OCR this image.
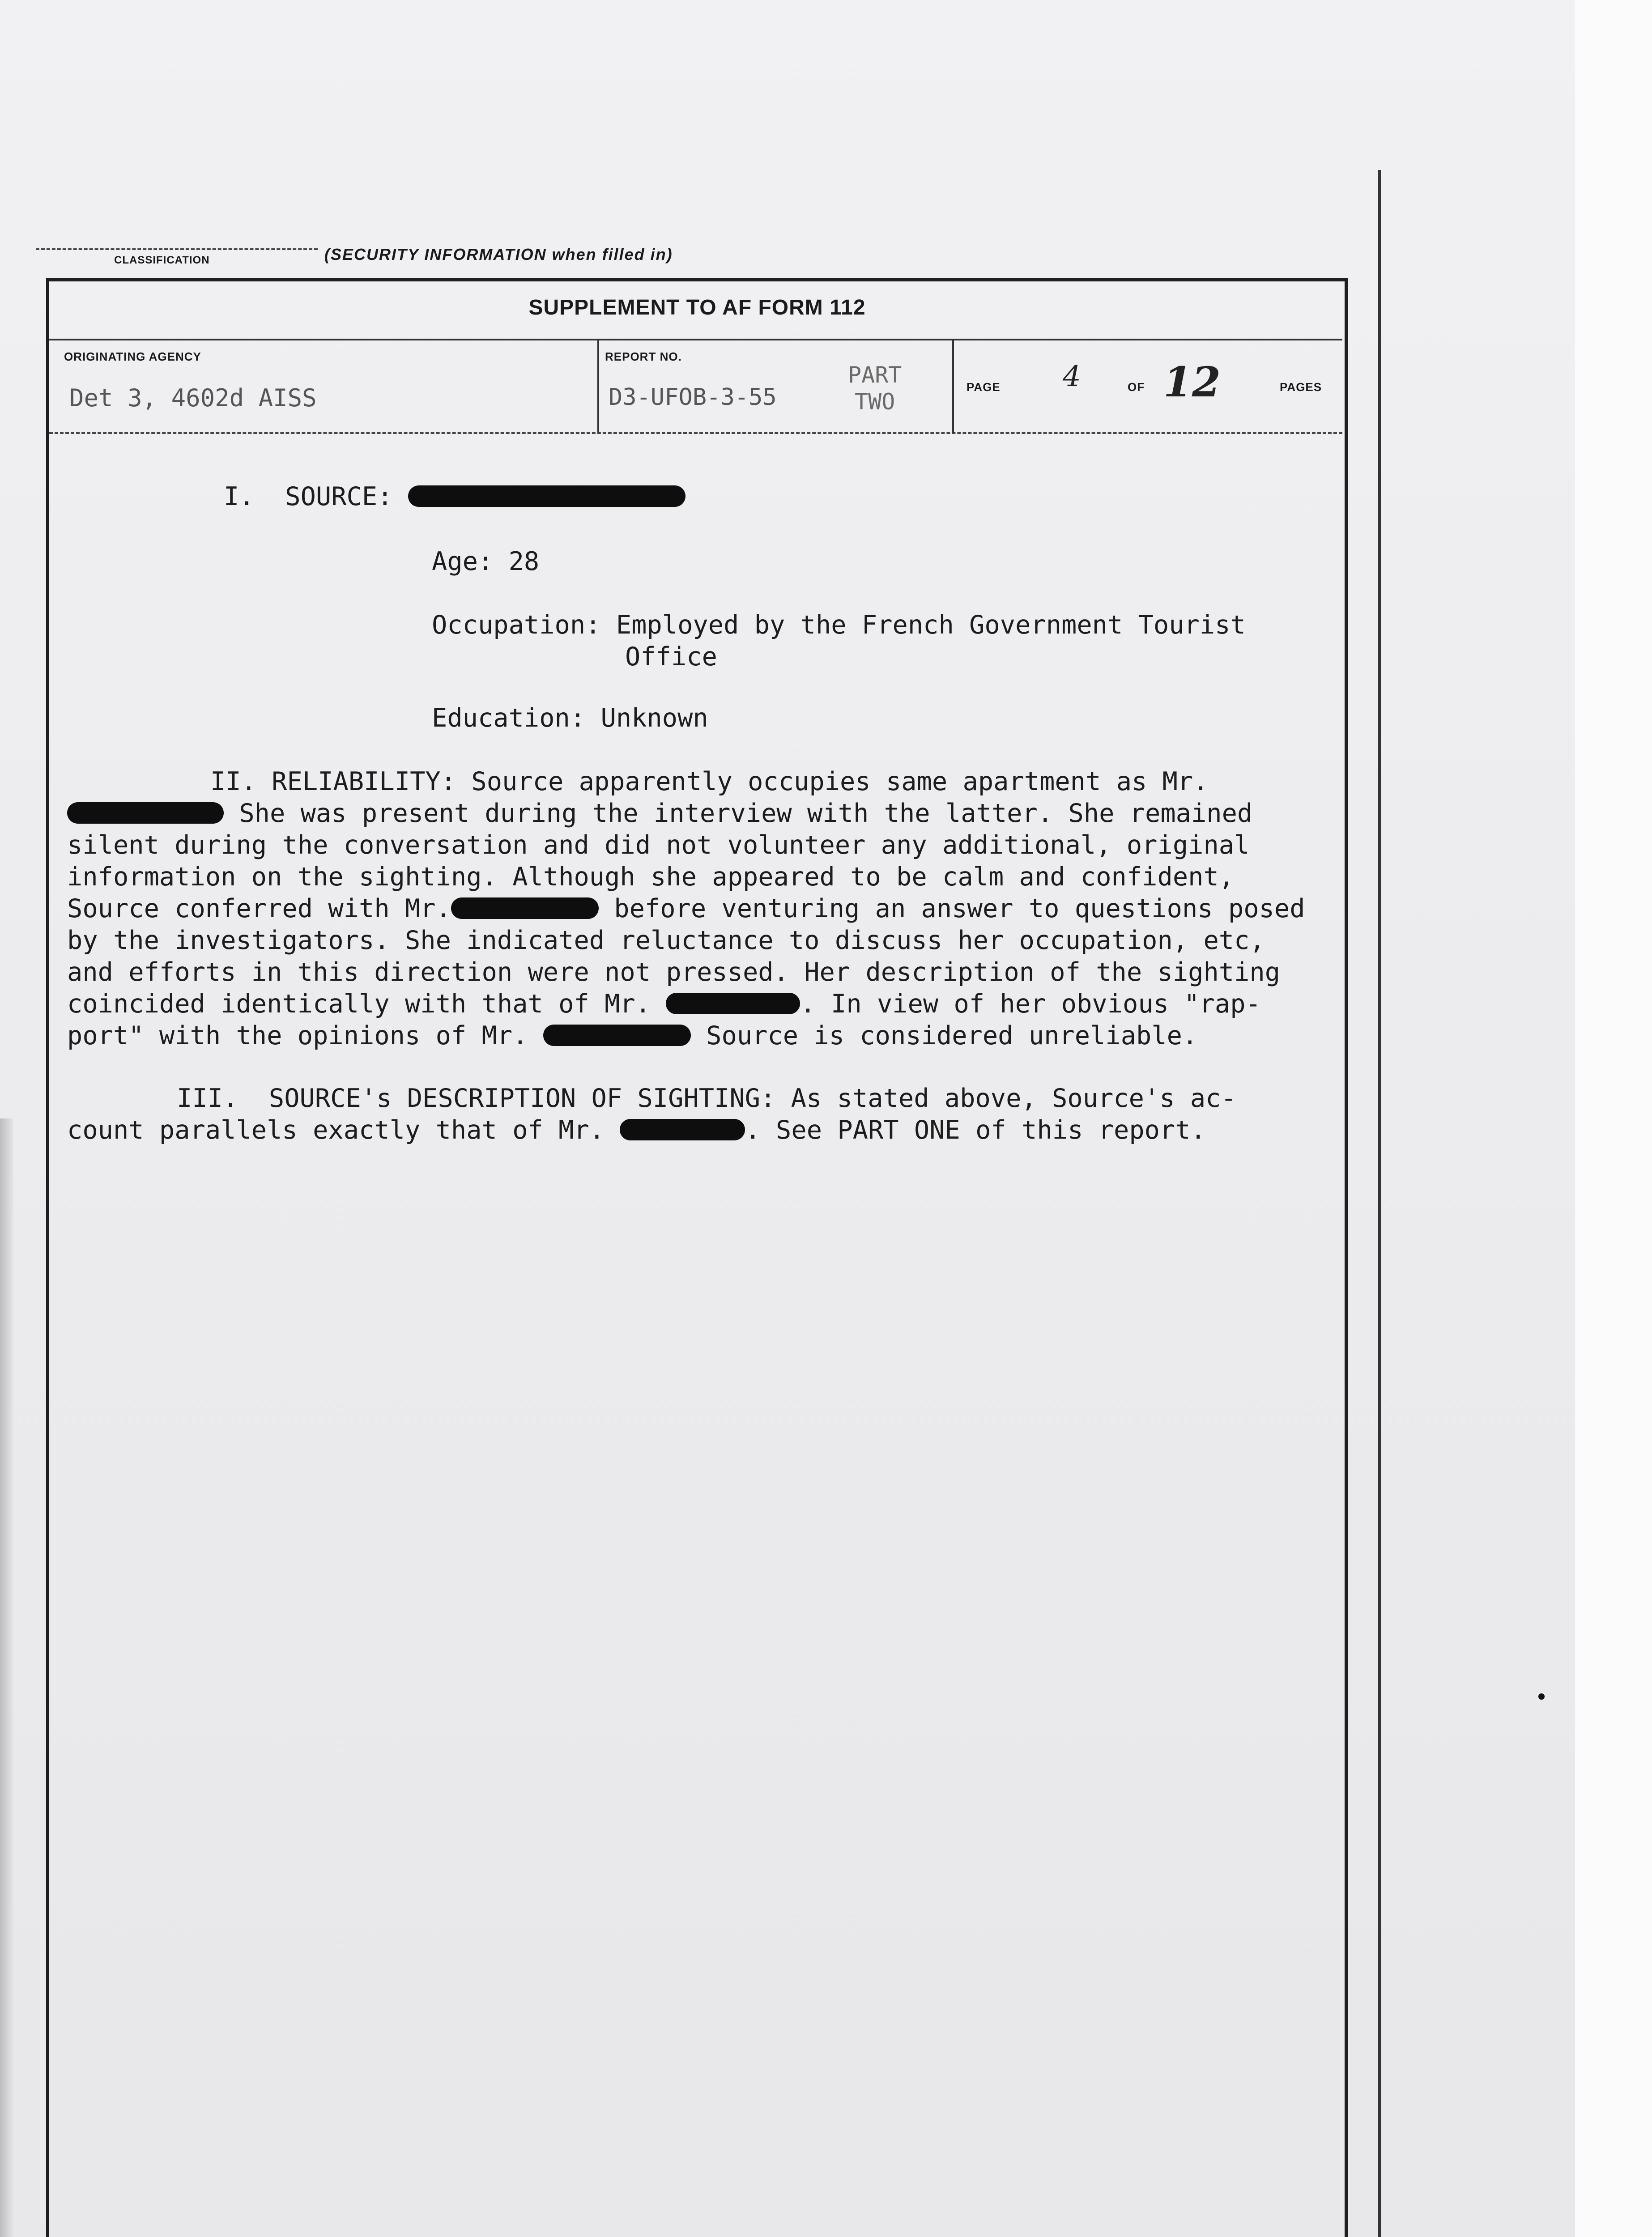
CLASSIFICATION	(SECURITY INFORMATION when filled in)
SUPPLEMENT TO AF FORM 112
ORIGINATING AGENCY
Det 3, 4602d AISS
REPORT NO.
D3-UFOB-3-55
PART
TWO
PAGE 4	OF 12	PAGES
I.  SOURCE:
Age: 28
Occupation: Employed by the French Government Tourist
Office
Education: Unknown
II. RELIABILITY: Source apparently occupies same apartment as Mr.
She was present during the interview with the latter. She remained
silent during the conversation and did not volunteer any additional, original
information on the sighting. Although she appeared to be calm and confident,
Source conferred with Mr.	before venturing an answer to questions posed
by the investigators. She indicated reluctance to discuss her occupation, etc,
and efforts in this direction were not pressed. Her description of the sighting
coincided identically with that of Mr.	. In view of her obvious "rap-
port" with the opinions of Mr.	Source is considered unreliable.
III.  SOURCE's DESCRIPTION OF SIGHTING: As stated above, Source's ac-
count parallels exactly that of Mr.	. See PART ONE of this report.
